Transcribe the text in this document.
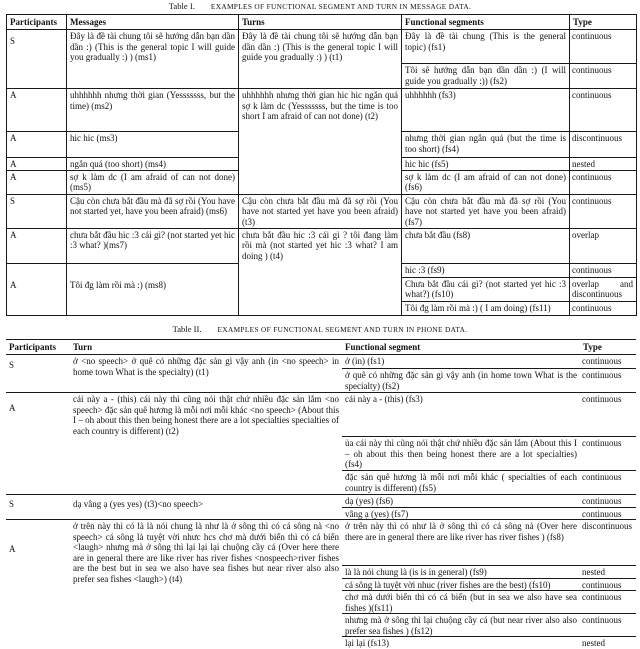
Table I. EXAMPLES OF FUNCTIONAL SEGMENT AND TURN IN MESSAGE DATA.
Participants	Messages	Turns	Functional segments	Type
S	Đây là đề tài chung tôi sẽ hướng dẫn bạn dần dần :) (This is the general topic I will guide you gradually :) ) (ms1)	Đây là đề tài chung tôi sẽ hướng dẫn bạn dần dần :) (This is the general topic I will guide you gradually :) ) (t1)	Đây là đề tài chung (This is the general topic) (fs1)	continuous
			Tôi sẽ hướng dẫn bạn dần dần :) (I will guide you gradually :)) (fs2)	continuous
A	uhhhhhh nhưng thời gian (Yesssssss, but the time) (ms2)	uhhhhhh nhưng thời gian hic hic ngắn quá sợ k làm dc (Yesssssss, but the time is too short I am afraid of can not done) (t2)	uhhhhhh (fs3)	continuous
A	hic hic (ms3)		nhưng thời gian ngắn quá (but the time is too short) (fs4)	discontinuous
A	ngắn quá (too short) (ms4)		hic hic (fs5)	nested
A	sợ k làm dc (I am afraid of can not done) (ms5)		sợ k làm dc (I am afraid of can not done) (fs6)	continuous
S	Cậu còn chưa bắt đầu mà đã sợ rồi (You have not started yet, have you been afraid) (ms6)	Cậu còn chưa bắt đầu mà đã sợ rồi (You have not started yet have you been afraid) (t3)	Cậu còn chưa bắt đầu mà đã sợ rồi (You have not started yet have you been afraid) (fs7)	continuous
A	chưa bắt đầu hic :3 cái gì? (not started yet hic :3 what? )(ms7)	chưa bắt đầu hic :3 cái gì ? tôi đang làm rồi mà (not started yet hic :3 what? I am doing ) (t4)	chưa bắt đầu (fs8)	overlap
A	Tôi đg làm rồi mà :) (ms8)		hic :3 (fs9)	continuous
			Chưa bắt đầu cái gì? (not started yet hic :3 what?) (fs10)	overlap and discontinuous
			Tôi đg làm rồi mà :) ( I am doing) (fs11)	continuous
Table II. EXAMPLES OF FUNCTIONAL SEGMENT AND TURN IN PHONE DATA.
Participants	Turn	Functional segment	Type
S	ở <no speech> ở quê có những đặc sản gì vậy anh (in <no speech> in home town What is the specialty) (t1)	ở (in) (fs1)	continuous
		ở quê có những đặc sản gì vậy anh (in home town What is the specialty) (fs2)	continuous
A	cái này a - (this) cái này thì cũng nói thật chứ nhiều đặc sản lắm <no speech> đặc sản quê hương là mỗi nơi mỗi khác <no speech> (About this I – oh about this then being honest there are a lot specialties specialties of each country is different) (t2)	cái này a - (this) (fs3)	continuous
		ủa cái này thì cũng nói thật chứ nhiều đặc sản lắm (About this I – oh about this then being honest there are a lot specialties) (fs4)	continuous
		đặc sản quê hương là mỗi nơi mỗi khác ( specialties of each country is different) (fs5)	continuous
S	dạ vâng ạ (yes yes) (t3)<no speech>	dạ (yes) (fs6)	continuous
		vâng ạ (yes) (fs7)	continuous
A	ở trên này thì có là là nói chung là như là ở sông thì có cá sông nà <no speech> cá sông là tuyệt vời nhưc hcs chơ mà dưới biển thì có cá biển <laugh> nhưng mà ở sông thì lại lại lại chuộng cầy cá (Over here there are in general there are like river has river fishes <nospeech>river fishes are the best but in sea we also have sea fishes but near river also also prefer sea fishes <laugh>) (t4)	ở trên này thì có như là ở sông thì có cá sông nà (Over here there are in general there are like river has river fishes ) (fs8)	discontinuous
		là là nói chung là (is is in general) (fs9)	nested
		cá sông là tuyệt vời nhuc (river fishes are the best) (fs10)	continuous
		chơ mà dưới biển thì có cá biển (but in sea we also have sea fishes )(fs11)	continuous
		nhưng mà ở sông thì lại chuộng cầy cá (but near river also also prefer sea fishes ) (fs12)	continuous
		lại lại (fs13)	nested
